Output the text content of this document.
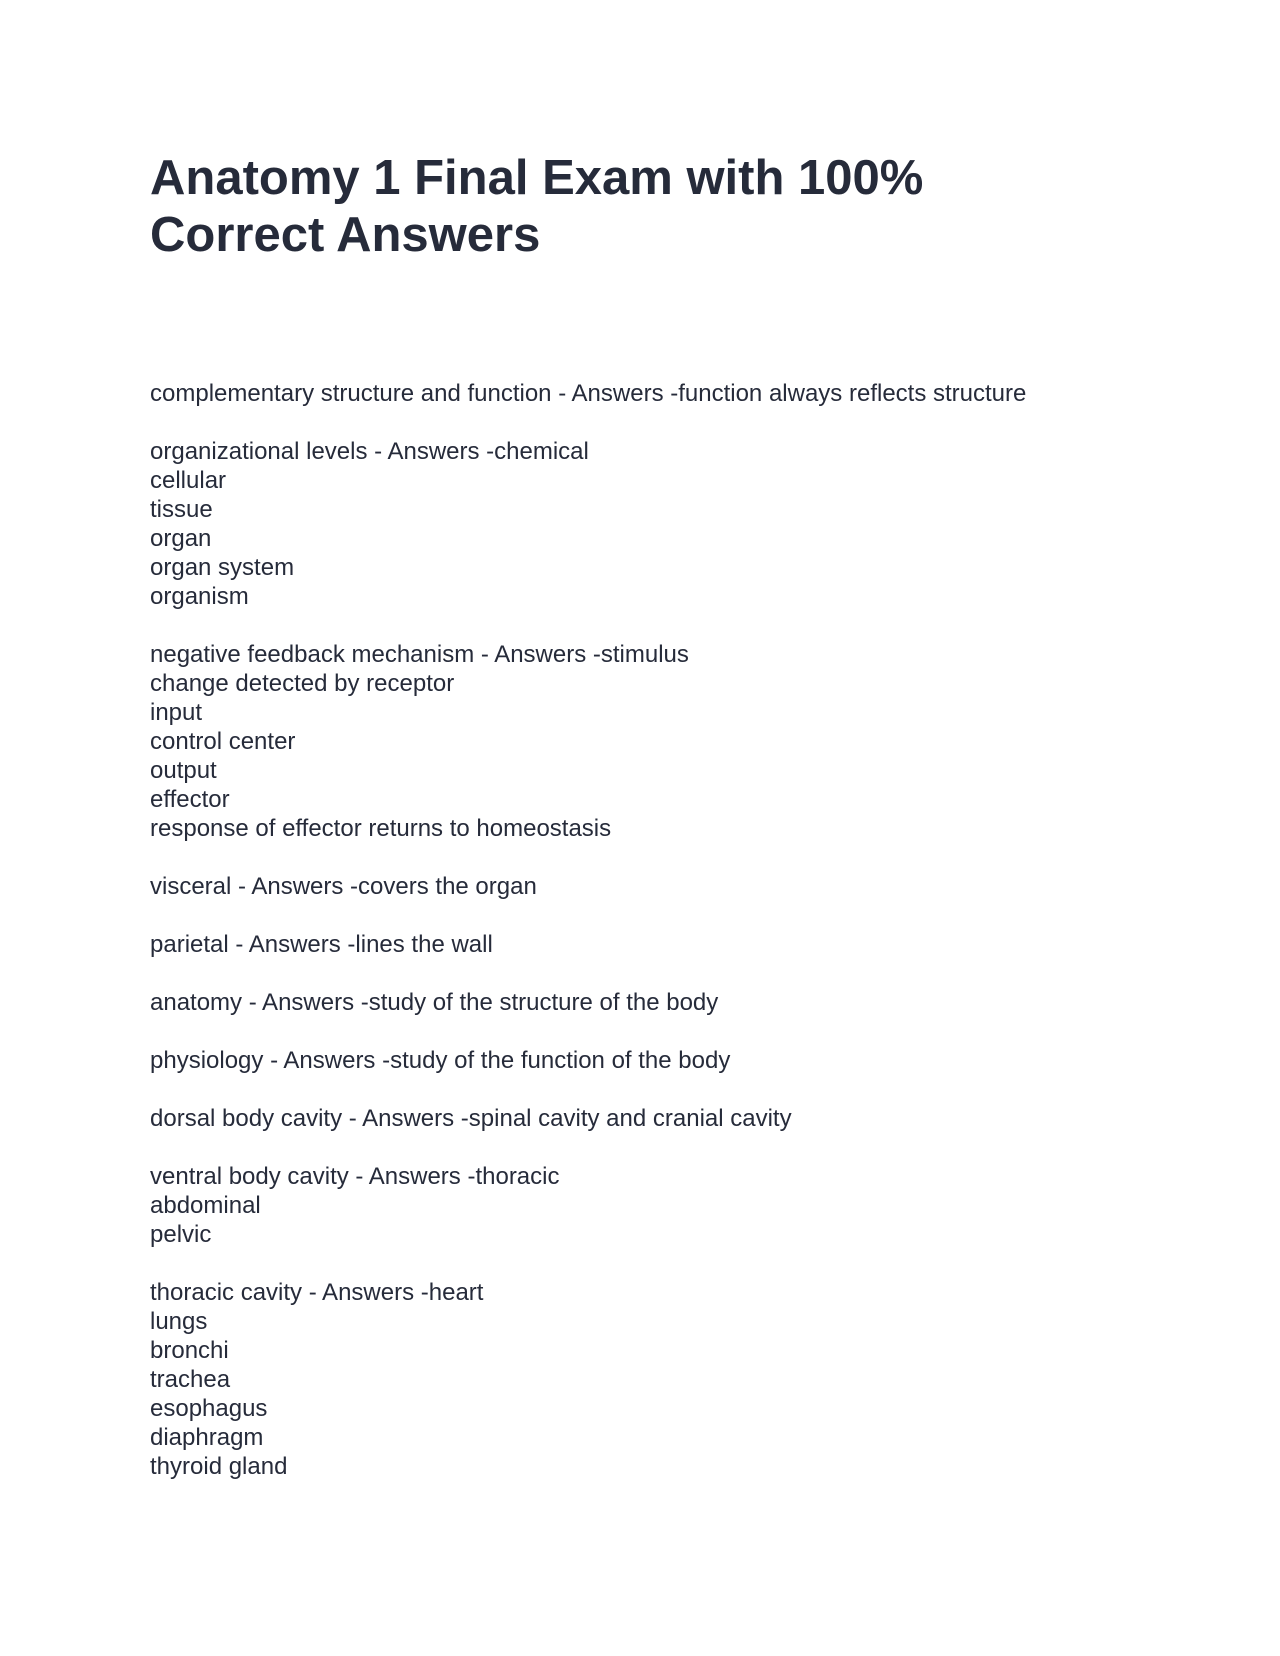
Anatomy 1 Final Exam with 100%
Correct Answers
complementary structure and function - Answers -function always reflects structure
organizational levels - Answers -chemical
cellular
tissue
organ
organ system
organism
negative feedback mechanism - Answers -stimulus
change detected by receptor
input
control center
output
effector
response of effector returns to homeostasis
visceral - Answers -covers the organ
parietal - Answers -lines the wall
anatomy - Answers -study of the structure of the body
physiology - Answers -study of the function of the body
dorsal body cavity - Answers -spinal cavity and cranial cavity
ventral body cavity - Answers -thoracic
abdominal
pelvic
thoracic cavity - Answers -heart
lungs
bronchi
trachea
esophagus
diaphragm
thyroid gland
